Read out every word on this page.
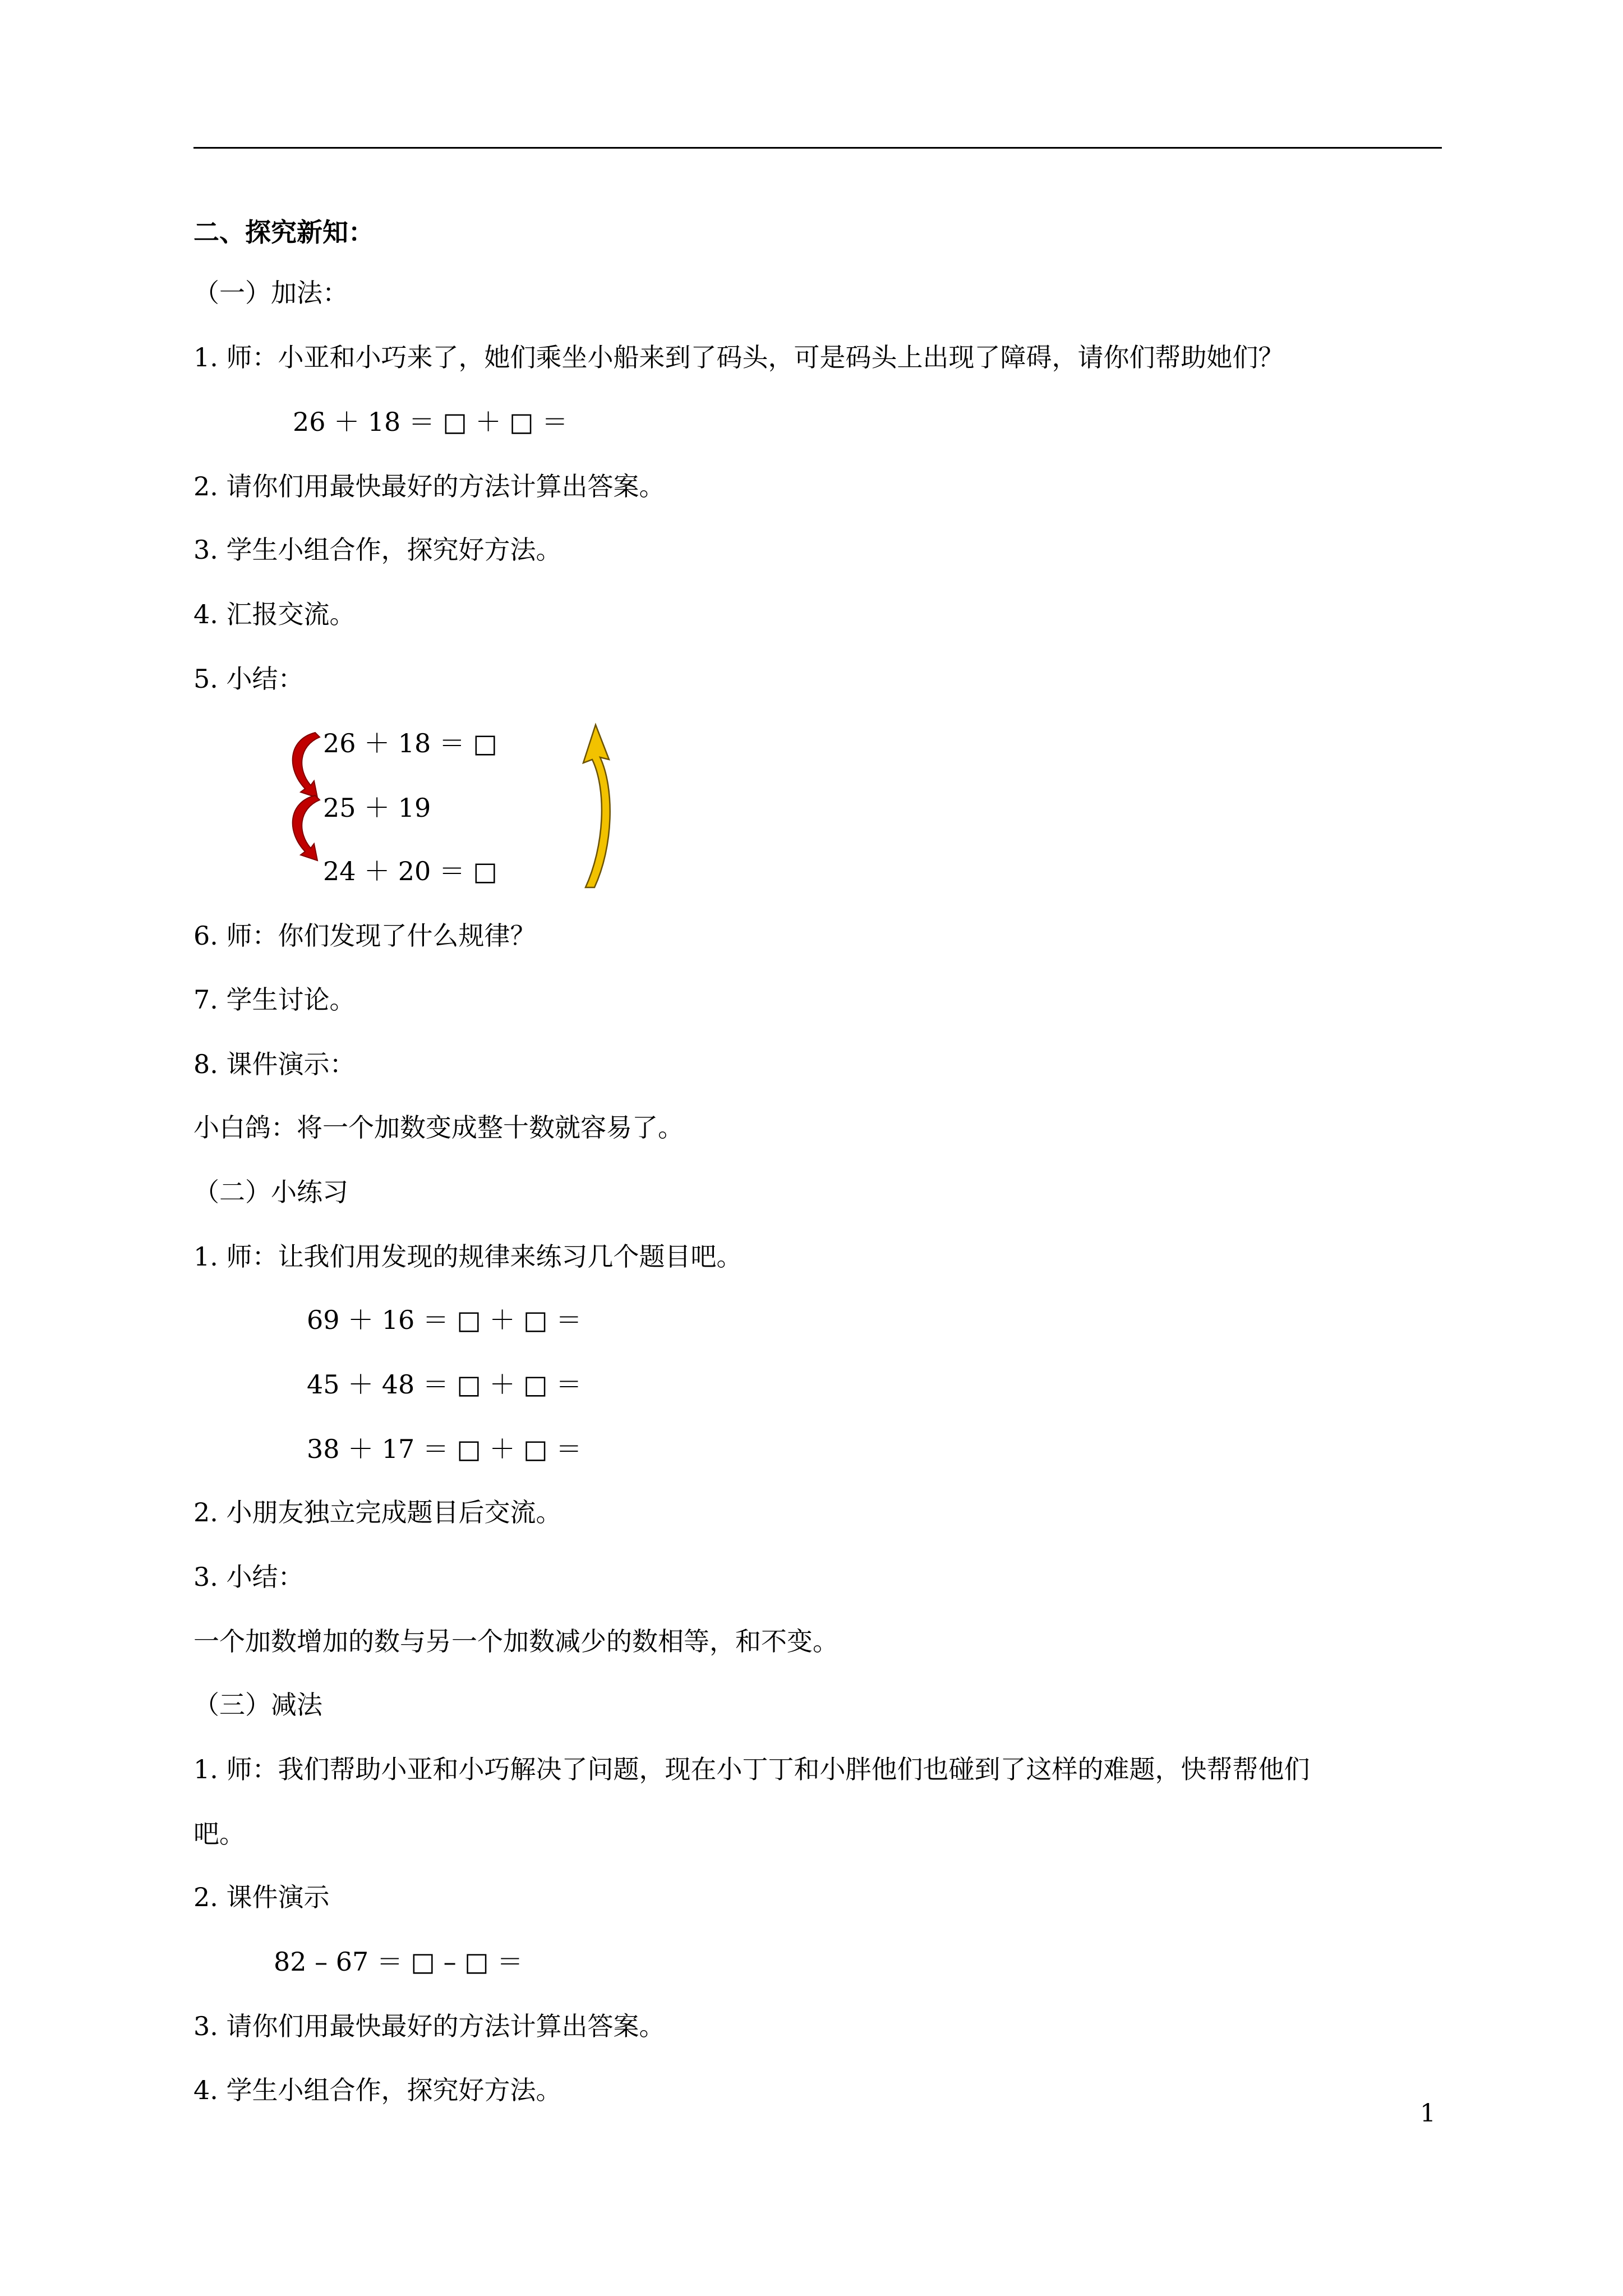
二、探究新知：
（一）加法：
1. 师：小亚和小巧来了，她们乘坐小船来到了码头，可是码头上出现了障碍，请你们帮助她们？
26 ＋ 18 ＝ □ ＋ □ ＝
2. 请你们用最快最好的方法计算出答案。
3. 学生小组合作，探究好方法。
4. 汇报交流。
5. 小结：
26 ＋ 18 ＝ □
25 ＋ 19
24 ＋ 20 ＝ □
6. 师：你们发现了什么规律？
7. 学生讨论。
8. 课件演示：
小白鸽：将一个加数变成整十数就容易了。
（二）小练习
1. 师：让我们用发现的规律来练习几个题目吧。
69 ＋ 16 ＝ □ ＋ □ ＝
45 ＋ 48 ＝ □ ＋ □ ＝
38 ＋ 17 ＝ □ ＋ □ ＝
2. 小朋友独立完成题目后交流。
3. 小结：
一个加数增加的数与另一个加数减少的数相等，和不变。
（三）减法
1. 师：我们帮助小亚和小巧解决了问题，现在小丁丁和小胖他们也碰到了这样的难题，快帮帮他们
吧。
2. 课件演示
82 – 67 ＝ □ – □ ＝
3. 请你们用最快最好的方法计算出答案。
4. 学生小组合作，探究好方法。
1
